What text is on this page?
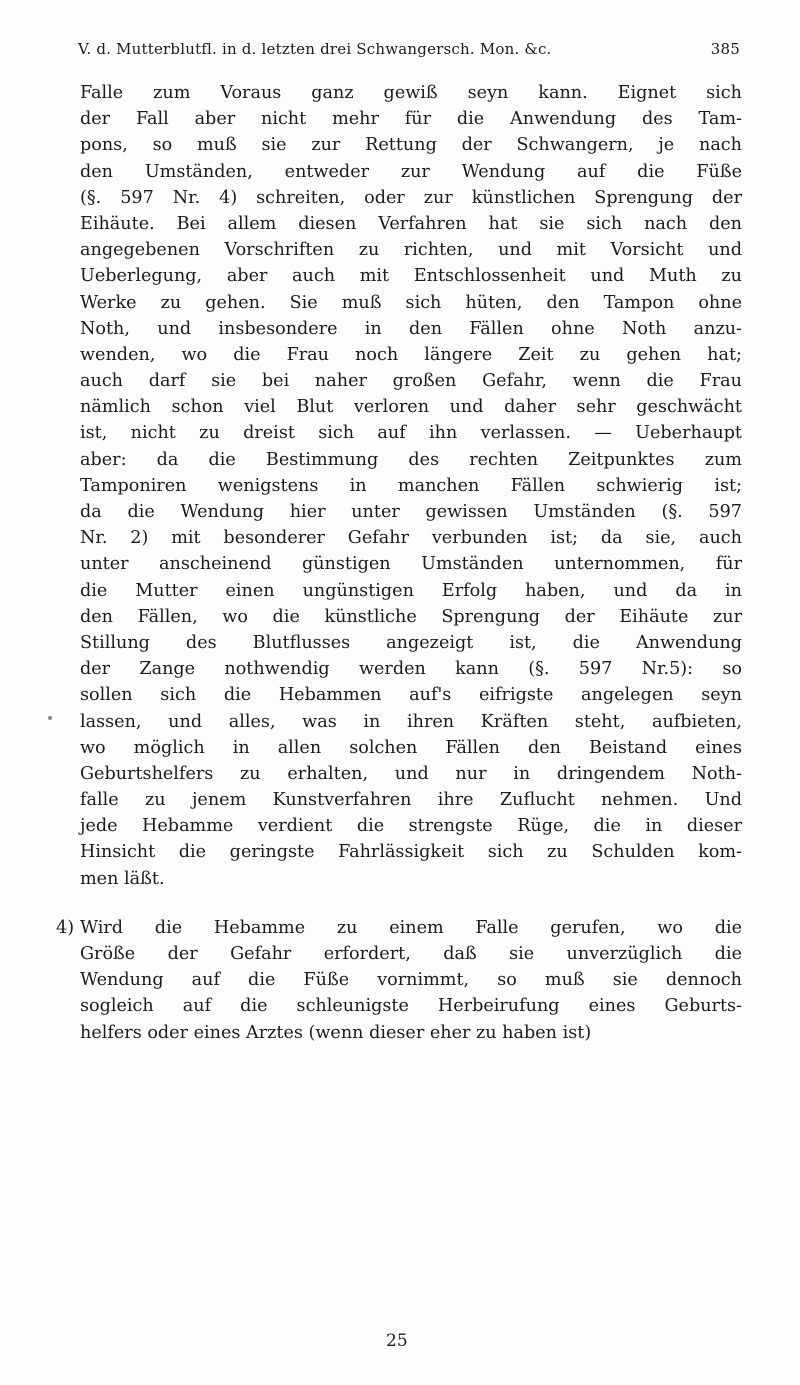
V. d. Mutterblutfl. in d. letzten drei Schwangersch. Mon. &c.	385
Falle zum Voraus ganz gewiß seyn kann. Eignet sich
der Fall aber nicht mehr für die Anwendung des Tam-
pons, so muß sie zur Rettung der Schwangern, je nach
den Umständen, entweder zur Wendung auf die Füße
(§. 597 Nr. 4) schreiten, oder zur künstlichen Sprengung der
Eihäute. Bei allem diesen Verfahren hat sie sich nach den
angegebenen Vorschriften zu richten, und mit Vorsicht und
Ueberlegung, aber auch mit Entschlossenheit und Muth zu
Werke zu gehen. Sie muß sich hüten, den Tampon ohne
Noth, und insbesondere in den Fällen ohne Noth anzu-
wenden, wo die Frau noch längere Zeit zu gehen hat;
auch darf sie bei naher großen Gefahr, wenn die Frau
nämlich schon viel Blut verloren und daher sehr geschwächt
ist, nicht zu dreist sich auf ihn verlassen. — Ueberhaupt
aber: da die Bestimmung des rechten Zeitpunktes zum
Tamponiren wenigstens in manchen Fällen schwierig ist;
da die Wendung hier unter gewissen Umständen (§. 597
Nr. 2) mit besonderer Gefahr verbunden ist; da sie, auch
unter anscheinend günstigen Umständen unternommen, für
die Mutter einen ungünstigen Erfolg haben, und da in
den Fällen, wo die künstliche Sprengung der Eihäute zur
Stillung des Blutflusses angezeigt ist, die Anwendung
der Zange nothwendig werden kann (§. 597 Nr.5): so
sollen sich die Hebammen auf's eifrigste angelegen seyn
lassen, und alles, was in ihren Kräften steht, aufbieten,
wo möglich in allen solchen Fällen den Beistand eines
Geburtshelfers zu erhalten, und nur in dringendem Noth-
falle zu jenem Kunstverfahren ihre Zuflucht nehmen. Und
jede Hebamme verdient die strengste Rüge, die in dieser
Hinsicht die geringste Fahrlässigkeit sich zu Schulden kom-
men läßt.
4) Wird die Hebamme zu einem Falle gerufen, wo die
Größe der Gefahr erfordert, daß sie unverzüglich die
Wendung auf die Füße vornimmt, so muß sie dennoch
sogleich auf die schleunigste Herbeirufung eines Geburts-
helfers oder eines Arztes (wenn dieser eher zu haben ist)
25
